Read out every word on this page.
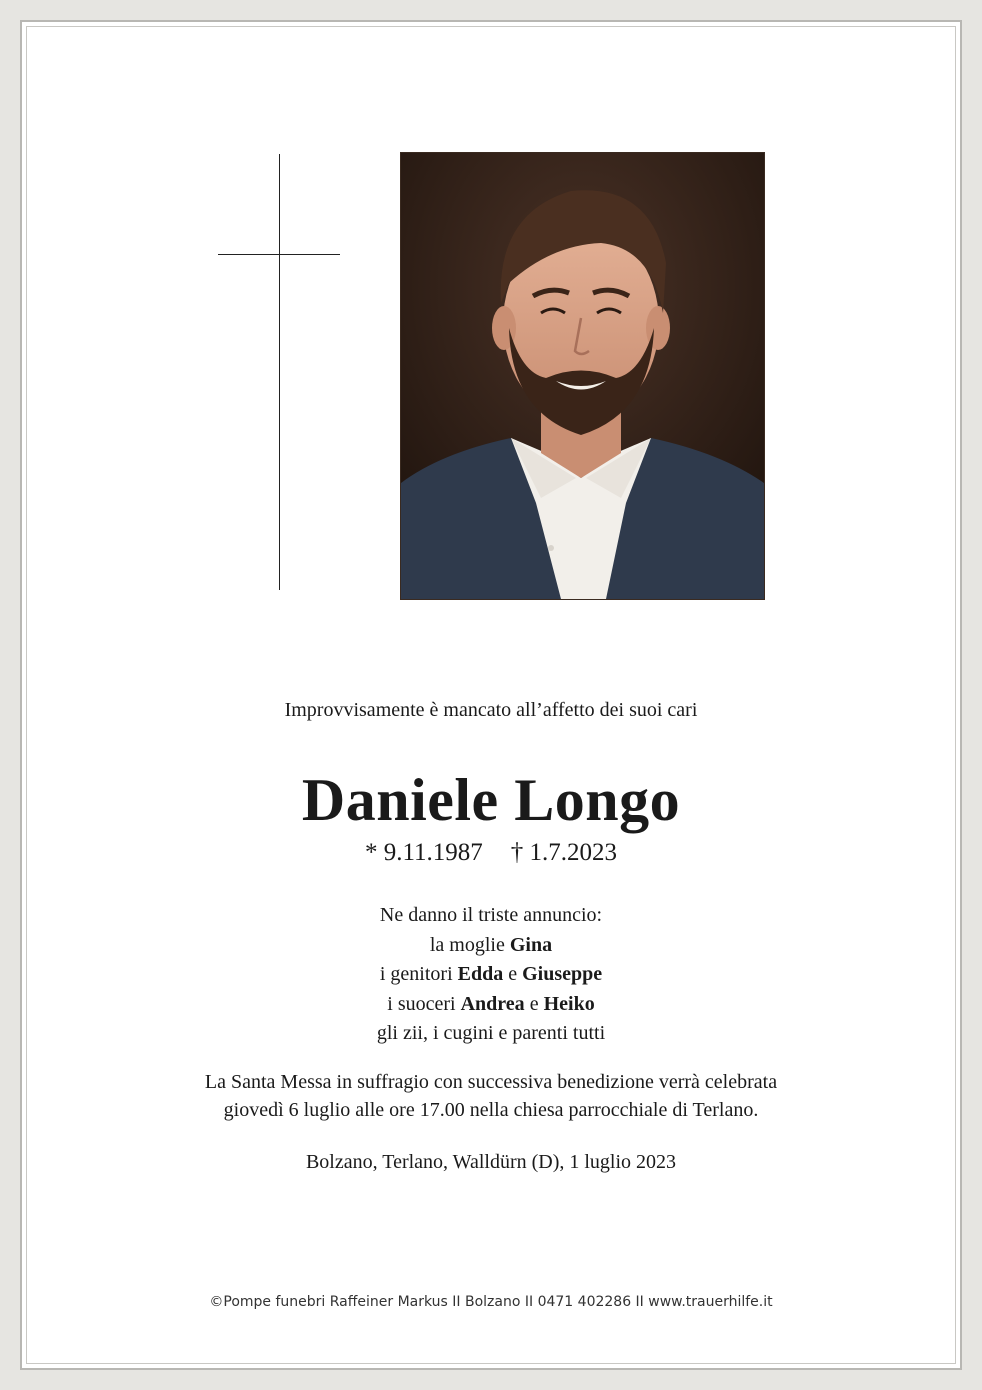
Improvvisamente è mancato all’affetto dei suoi cari
Daniele Longo
* 9.11.1987 † 1.7.2023
Ne danno il triste annuncio:
la moglie Gina
i genitori Edda e Giuseppe
i suoceri Andrea e Heiko
gli zii, i cugini e parenti tutti
La Santa Messa in suffragio con successiva benedizione verrà celebrata
giovedì 6 luglio alle ore 17.00 nella chiesa parrocchiale di Terlano.
Bolzano, Terlano, Walldürn (D), 1 luglio 2023
©Pompe funebri Raffeiner Markus II Bolzano II 0471 402286 II www.trauerhilfe.it
